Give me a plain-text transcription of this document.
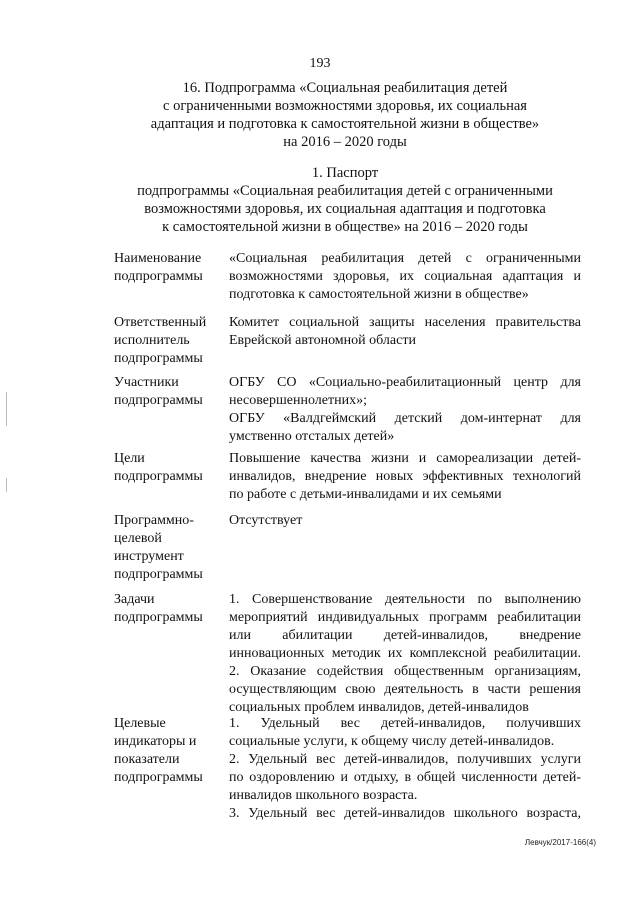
193
16. Подпрограмма «Социальная реабилитация детей
с ограниченными возможностями здоровья, их социальная
адаптация и подготовка к самостоятельной жизни в обществе»
на 2016 – 2020 годы
1. Паспорт
подпрограммы «Социальная реабилитация детей с ограниченными
возможностями здоровья, их социальная адаптация и подготовка
к самостоятельной жизни в обществе» на 2016 – 2020 годы
Наименование
подпрограммы
«Социальная реабилитация детей с ограниченными
возможностями здоровья, их социальная адаптация и
подготовка к самостоятельной жизни в обществе»
Ответственный
исполнитель
подпрограммы
Комитет социальной защиты населения правительства
Еврейской автономной области
Участники
подпрограммы
ОГБУ СО «Социально-реабилитационный центр для
несовершеннолетних»;
ОГБУ «Валдгеймский детский дом-интернат для
умственно отсталых детей»
Цели
подпрограммы
Повышение качества жизни и самореализации детей-
инвалидов, внедрение новых эффективных технологий
по работе с детьми-инвалидами и их семьями
Программно-
целевой
инструмент
подпрограммы
Отсутствует
Задачи
подпрограммы
1. Совершенствование деятельности по выполнению
мероприятий индивидуальных программ реабилитации
или абилитации детей-инвалидов, внедрение
инновационных методик их комплексной реабилитации.
2. Оказание содействия общественным организациям,
осуществляющим свою деятельность в части решения
социальных проблем инвалидов, детей-инвалидов
Целевые
индикаторы и
показатели
подпрограммы
1. Удельный вес детей-инвалидов, получивших
социальные услуги, к общему числу детей-инвалидов.
2. Удельный вес детей-инвалидов, получивших услуги
по оздоровлению и отдыху, в общей численности детей-
инвалидов школьного возраста.
3. Удельный вес детей-инвалидов школьного возраста,
Левчук/2017-166(4)
